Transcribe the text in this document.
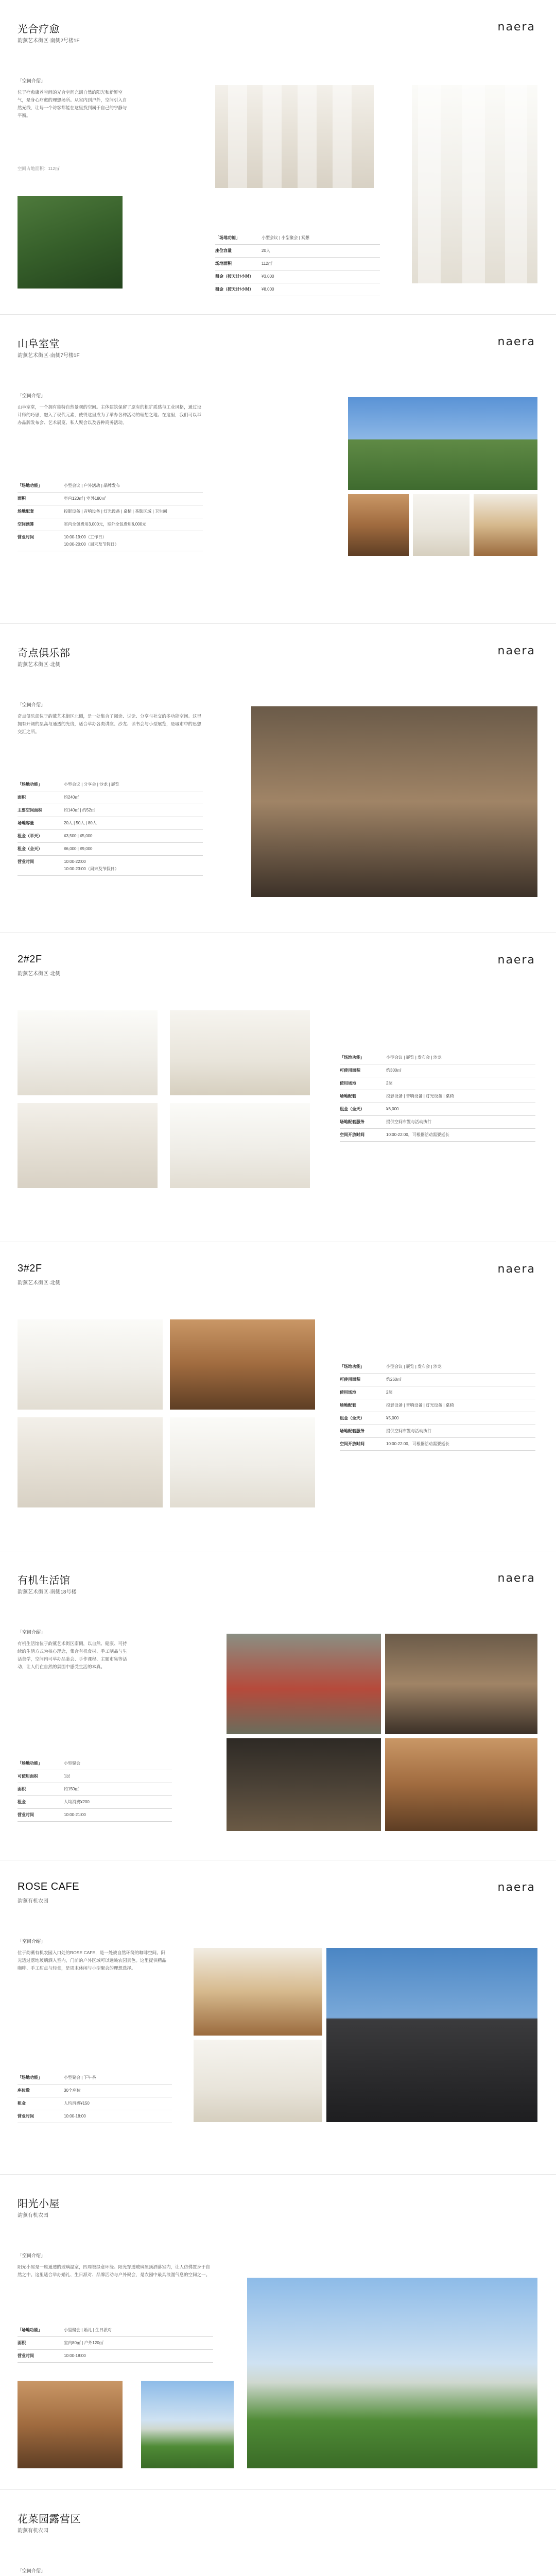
光合疗愈
韵薰艺术街区·南侧2号楼1F
naera
「空间介绍」
位于疗愈康养空间的光合空间充满自然的阳光和新鲜空气，是身心疗愈的理想场所。从室内到户外，空间引入自然光线，让每一个访客都能在这里找到属于自己的宁静与平衡。
空间占地面积：112㎡
「场地功能」	小型会议 | 小型聚会 | 冥想
座位容量	20人
场地面积	112㎡
租金（按天计/小时）	¥3,000
租金（按天计/小时）	¥8,000
山阜室堂
韵薰艺术街区·南侧7号楼1F
naera
「空间介绍」
山阜室堂，一个拥有独特自然景观的空间。主体建筑保留了原有的粗犷质感与工业风格，通过设计师的巧思，融入了现代元素，使得这里成为了举办各种活动的理想之地。在这里，我们可以举办品牌发布会、艺术展览、私人聚会以及各种商务活动。
「场地功能」	小型会议 | 户外活动 | 品牌发布
面积	室内120㎡ | 室外180㎡
场地配套	投影设备 | 音响设备 | 灯光设备 | 桌椅 | 茶歇区域 | 卫生间
空间预算	室内全包费用3,000元，室外全包费用6,000元
营业时间	10:00-19:00（工作日）
10:00-20:00（周末及节假日）
奇点俱乐部
韵薰艺术街区·北侧
naera
「空间介绍」
奇点俱乐部位于韵薰艺术街区北侧，是一处集合了阅读、讨论、分享与社交的多功能空间。这里拥有开阔的层高与通透的光线，适合举办各类讲座、沙龙、读书会与小型展览，是城市中的思想交汇之所。
「场地功能」	小型会议 | 分享会 | 沙龙 | 展览
面积	约240㎡
主要空间面积	约140㎡ | 约52㎡
场地容量	20人 | 50人 | 80人
租金（半天）	¥3,500 | ¥5,000
租金（全天）	¥6,000 | ¥9,000
营业时间	10:00-22:00
10:00-23:00（周末及节假日）
2#2F
韵薰艺术街区·北侧
naera
「场地功能」	小型会议 | 展览 | 发布会 | 沙龙
可使用面积	约300㎡
使用场地	2层
场地配套	投影设备 | 音响设备 | 灯光设备 | 桌椅
租金（全天）	¥6,000
场地配套服务	提供空间布置与活动执行
空间开放时间	10:00-22:00，可根据活动需要延长
3#2F
韵薰艺术街区·北侧
naera
「场地功能」	小型会议 | 展览 | 发布会 | 沙龙
可使用面积	约260㎡
使用场地	2层
场地配套	投影设备 | 音响设备 | 灯光设备 | 桌椅
租金（全天）	¥5,000
场地配套服务	提供空间布置与活动执行
空间开放时间	10:00-22:00，可根据活动需要延长
有机生活馆
韵薰艺术街区·南侧18号楼
naera
「空间介绍」
有机生活馆位于韵薰艺术街区南侧，以自然、健康、可持续的生活方式为核心理念，集合有机食材、手工制品与生活美学，空间内可举办品鉴会、手作课程、主题市集等活动，让人们在自然的氛围中感受生活的本真。
「场地功能」	小型聚会
可使用面积	1层
面积	约150㎡
租金	人均消费¥200
营业时间	10:00-21:00
ROSE CAFE
韵薰有机农园
naera
「空间介绍」
位于韵薰有机农园入口处的ROSE CAFE，是一处被自然环绕的咖啡空间。阳光透过落地玻璃洒入室内，门前的户外区域可以远眺农园景色。这里提供精品咖啡、手工甜点与轻食，是周末休闲与小型聚会的理想选择。
「场地功能」	小型聚会 | 下午茶
座位数	30个座位
租金	人均消费¥150
营业时间	10:00-18:00
阳光小屋
韵薰有机农园
「空间介绍」
阳光小屋是一座通透的玻璃温室，四周被绿意环绕。阳光穿透玻璃屋顶洒落室内，让人仿佛置身于自然之中。这里适合举办婚礼、生日派对、品牌活动与户外聚会，是农园中最具浪漫气息的空间之一。
「场地功能」	小型聚会 | 婚礼 | 生日派对
面积	室内80㎡ | 户外120㎡
营业时间	10:00-18:00
花菜园露营区
韵薰有机农园
「空间介绍」
